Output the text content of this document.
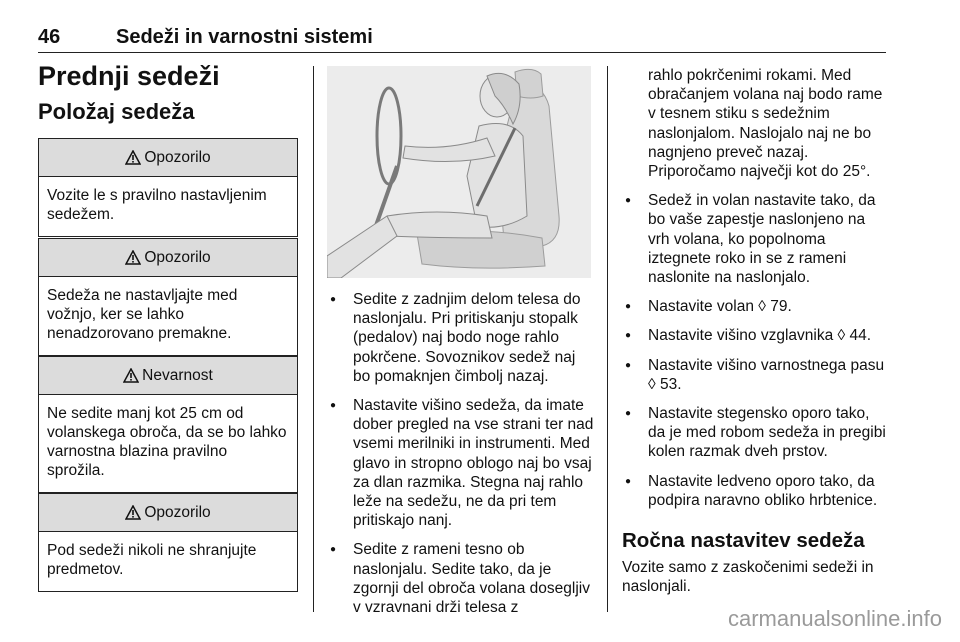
46	Sedeži in varnostni sistemi
Prednji sedeži
Položaj sedeža
Opozorilo
Vozite le s pravilno nastavljenim sedežem.
Opozorilo
Sedeža ne nastavljajte med vožnjo, ker se lahko nenadzorovano premakne.
Nevarnost
Ne sedite manj kot 25 cm od volanskega obroča, da se bo lahko varnostna blazina pravilno sprožila.
Opozorilo
Pod sedeži nikoli ne shranjujte predmetov.
● Sedite z zadnjim delom telesa do naslonjalu. Pri pritiskanju stopalk (pedalov) naj bodo noge rahlo pokrčene. Sovoznikov sedež naj bo pomaknjen čimbolj nazaj.
● Nastavite višino sedeža, da imate dober pregled na vse strani ter nad vsemi merilniki in instrumenti. Med glavo in stropno oblogo naj bo vsaj za dlan razmika. Stegna naj rahlo leže na sedežu, ne da pri tem pritiskajo nanj.
● Sedite z rameni tesno ob naslonjalu. Sedite tako, da je zgornji del obroča volana dosegljiv v vzravnani drži telesa z
rahlo pokrčenimi rokami. Med obračanjem volana naj bodo rame v tesnem stiku s sedežnim naslonjalom. Naslojalo naj ne bo nagnjeno preveč nazaj. Priporočamo največji kot do 25°.
● Sedež in volan nastavite tako, da bo vaše zapestje naslonjeno na vrh volana, ko popolnoma iztegnete roko in se z rameni naslonite na naslonjalo.
● Nastavite volan ◊ 79.
● Nastavite višino vzglavnika ◊ 44.
● Nastavite višino varnostnega pasu ◊ 53.
● Nastavite stegensko oporo tako, da je med robom sedeža in pregibi kolen razmak dveh prstov.
● Nastavite ledveno oporo tako, da podpira naravno obliko hrbtenice.
Ročna nastavitev sedeža

Vozite samo z zaskočenimi sedeži in naslonjali.

carmanualsonline.info
